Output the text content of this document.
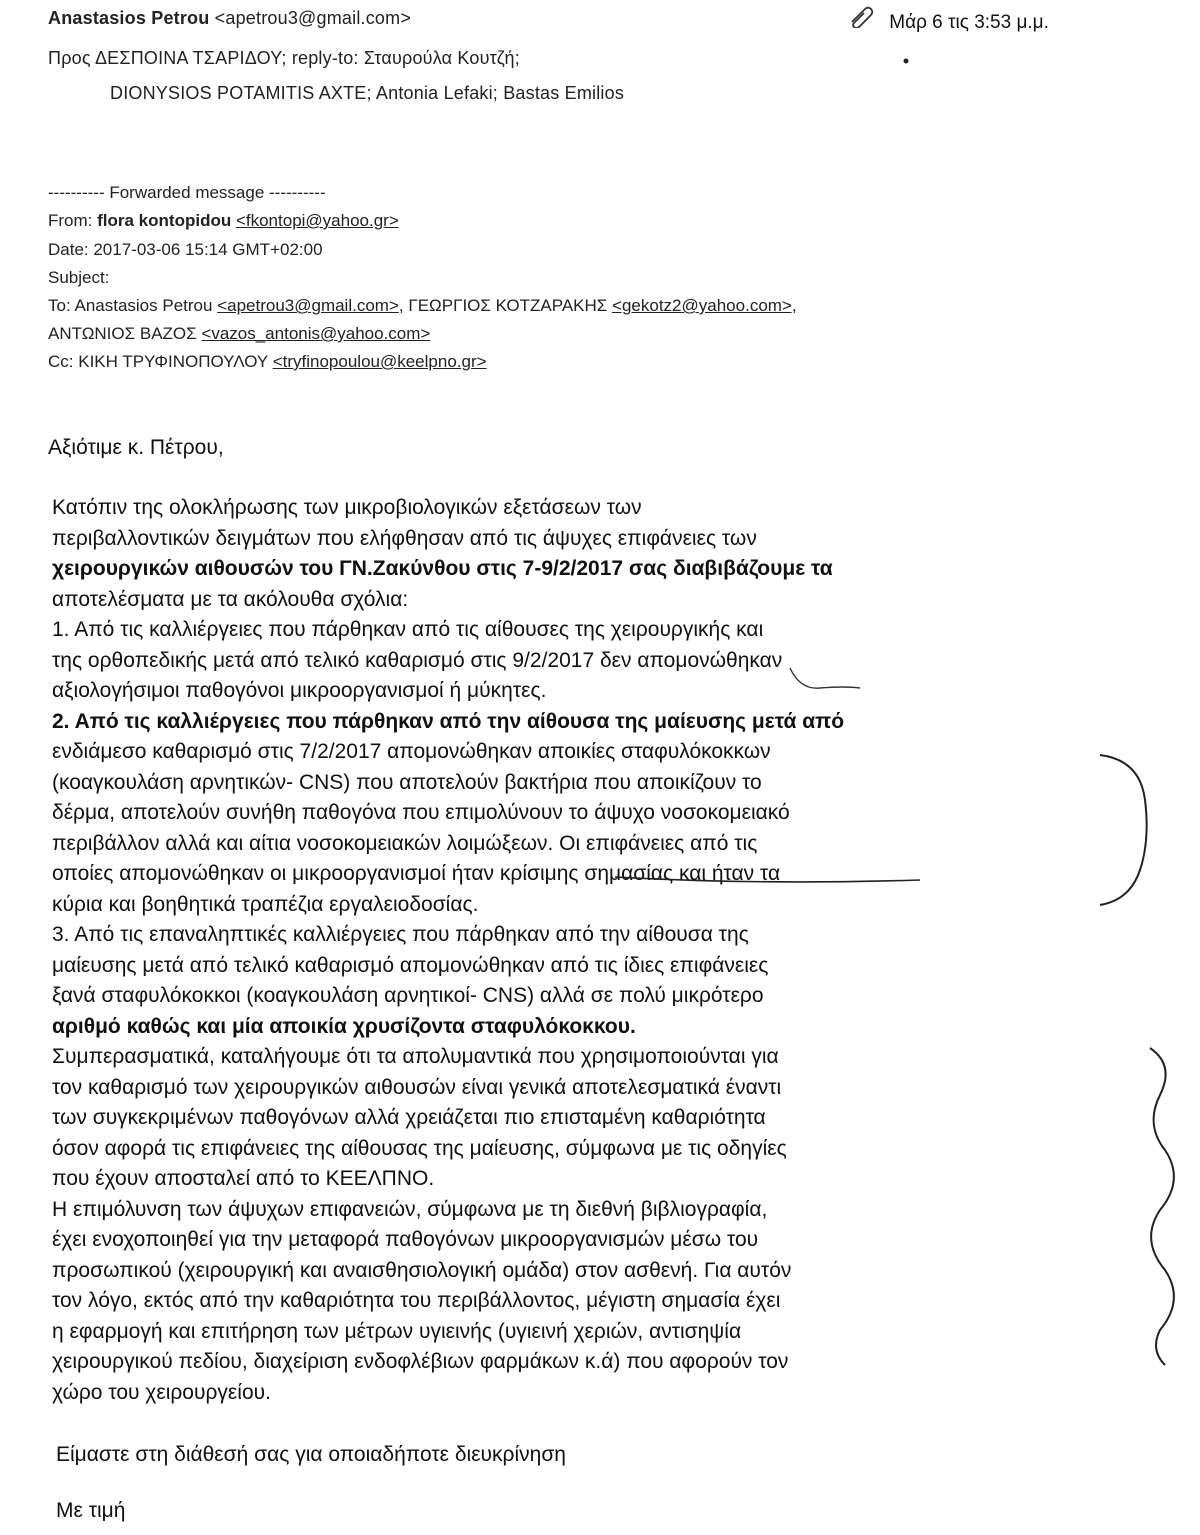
Anastasios Petrou <apetrou3@gmail.com>	Μάρ 6 τις 3:53 μ.μ.
Προς ΔΕΣΠΟΙΝΑ ΤΣΑΡΙΔΟΥ; reply-to: Σταυρούλα Κουτζή;
DIONYSIOS POTAMITIS AXTE; Antonia Lefaki; Bastas Emilios
---------- Forwarded message ----------
From: flora kontopidou <fkontopi@yahoo.gr>
Date: 2017-03-06 15:14 GMT+02:00
Subject:
To: Anastasios Petrou <apetrou3@gmail.com>, ΓΕΩΡΓΙΟΣ ΚΟΤΖΑΡΑΚΗΣ <gekotz2@yahoo.com>,
ΑΝΤΩΝΙΟΣ ΒΑΖΟΣ <vazos_antonis@yahoo.com>
Cc: ΚΙΚΗ ΤΡΥΦΙΝΟΠΟΥΛΟΥ <tryfinopoulou@keelpno.gr>
Αξιότιμε κ. Πέτρου,
Κατόπιν της ολοκλήρωσης των μικροβιολογικών εξετάσεων των
περιβαλλοντικών δειγμάτων που ελήφθησαν από τις άψυχες επιφάνειες των
χειρουργικών αιθουσών του ΓΝ.Ζακύνθου στις 7-9/2/2017 σας διαβιβάζουμε τα
αποτελέσματα με τα ακόλουθα σχόλια:
1. Από τις καλλιέργειες που πάρθηκαν από τις αίθουσες της χειρουργικής και
της ορθοπεδικής μετά από τελικό καθαρισμό στις 9/2/2017 δεν απομονώθηκαν
αξιολογήσιμοι παθογόνοι μικροοργανισμοί ή μύκητες.
2. Από τις καλλιέργειες που πάρθηκαν από την αίθουσα της μαίευσης μετά από
ενδιάμεσο καθαρισμό στις 7/2/2017 απομονώθηκαν αποικίες σταφυλόκοκκων
(κοαγκουλάση αρνητικών- CNS) που αποτελούν βακτήρια που αποικίζουν το
δέρμα, αποτελούν συνήθη παθογόνα που επιμολύνουν το άψυχο νοσοκομειακό
περιβάλλον αλλά και αίτια νοσοκομειακών λοιμώξεων. Οι επιφάνειες από τις
οποίες απομονώθηκαν οι μικροοργανισμοί ήταν κρίσιμης σημασίας και ήταν τα
κύρια και βοηθητικά τραπέζια εργαλειοδοσίας.
3. Από τις επαναληπτικές καλλιέργειες που πάρθηκαν από την αίθουσα της
μαίευσης μετά από τελικό καθαρισμό απομονώθηκαν από τις ίδιες επιφάνειες
ξανά σταφυλόκοκκοι (κοαγκουλάση αρνητικοί- CNS) αλλά σε πολύ μικρότερο
αριθμό καθώς και μία αποικία χρυσίζοντα σταφυλόκοκκου.
Συμπερασματικά, καταλήγουμε ότι τα απολυμαντικά που χρησιμοποιούνται για
τον καθαρισμό των χειρουργικών αιθουσών είναι γενικά αποτελεσματικά έναντι
των συγκεκριμένων παθογόνων αλλά χρειάζεται πιο επισταμένη καθαριότητα
όσον αφορά τις επιφάνειες της αίθουσας της μαίευσης, σύμφωνα με τις οδηγίες
που έχουν αποσταλεί από το ΚΕΕΛΠΝΟ.
Η επιμόλυνση των άψυχων επιφανειών, σύμφωνα με τη διεθνή βιβλιογραφία,
έχει ενοχοποιηθεί για την μεταφορά παθογόνων μικροοργανισμών μέσω του
προσωπικού (χειρουργική και αναισθησιολογική ομάδα) στον ασθενή. Για αυτόν
τον λόγο, εκτός από την καθαριότητα του περιβάλλοντος, μέγιστη σημασία έχει
η εφαρμογή και επιτήρηση των μέτρων υγιεινής (υγιεινή χεριών, αντισηψία
χειρουργικού πεδίου, διαχείριση ενδοφλέβιων φαρμάκων κ.ά) που αφορούν τον
χώρο του χειρουργείου.
Είμαστε στη διάθεσή σας για οποιαδήποτε διευκρίνηση
Με τιμή
